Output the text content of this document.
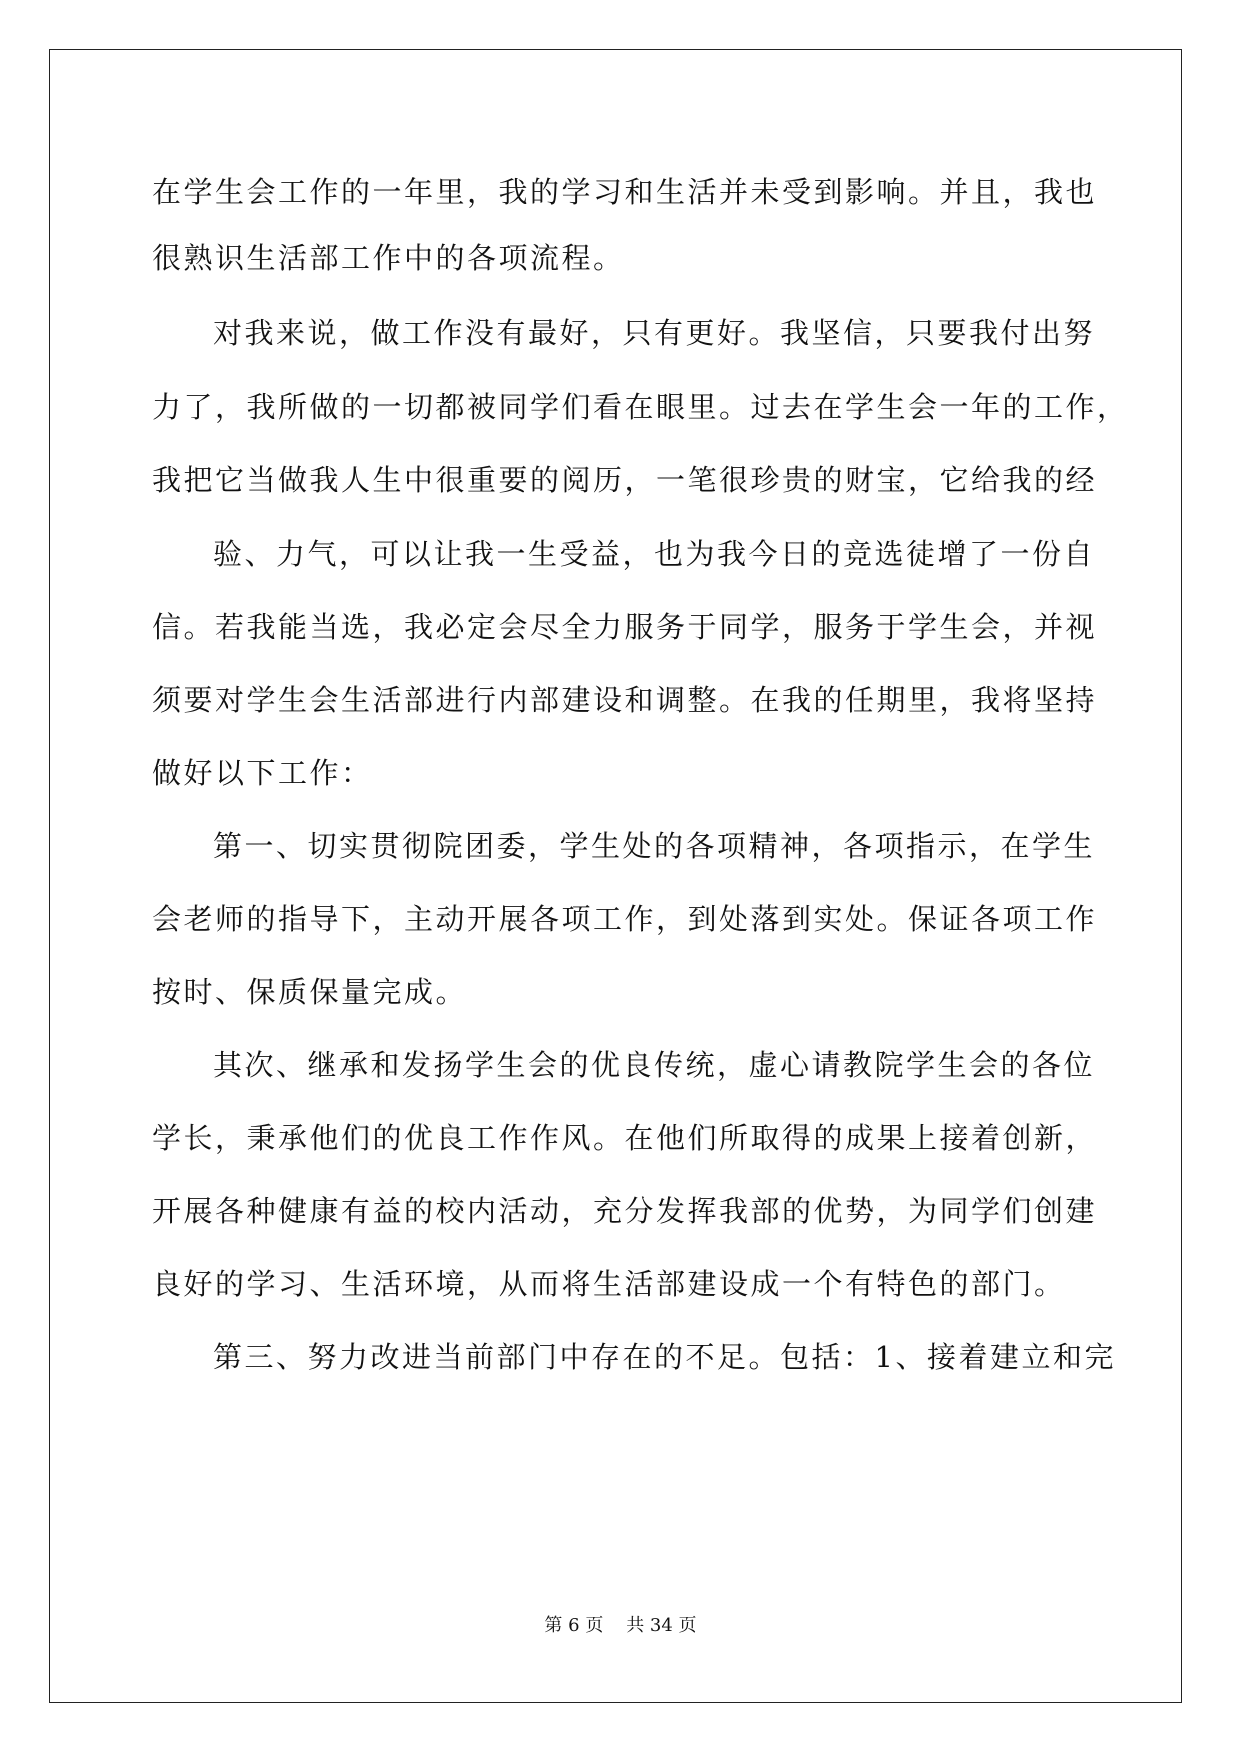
在学生会工作的一年里，我的学习和生活并未受到影响。并且，我也

很熟识生活部工作中的各项流程。

对我来说，做工作没有最好，只有更好。我坚信，只要我付出努

力了，我所做的一切都被同学们看在眼里。过去在学生会一年的工作，

我把它当做我人生中很重要的阅历，一笔很珍贵的财宝，它给我的经

验、力气，可以让我一生受益，也为我今日的竞选徒增了一份自

信。若我能当选，我必定会尽全力服务于同学，服务于学生会，并视

须要对学生会生活部进行内部建设和调整。在我的任期里，我将坚持

做好以下工作：

第一、切实贯彻院团委，学生处的各项精神，各项指示，在学生

会老师的指导下，主动开展各项工作，到处落到实处。保证各项工作

按时、保质保量完成。

其次、继承和发扬学生会的优良传统，虚心请教院学生会的各位

学长，秉承他们的优良工作作风。在他们所取得的成果上接着创新，

开展各种健康有益的校内活动，充分发挥我部的优势，为同学们创建

良好的学习、生活环境，从而将生活部建设成一个有特色的部门。

第三、努力改进当前部门中存在的不足。包括：1、接着建立和完

第 6 页    共 34 页
